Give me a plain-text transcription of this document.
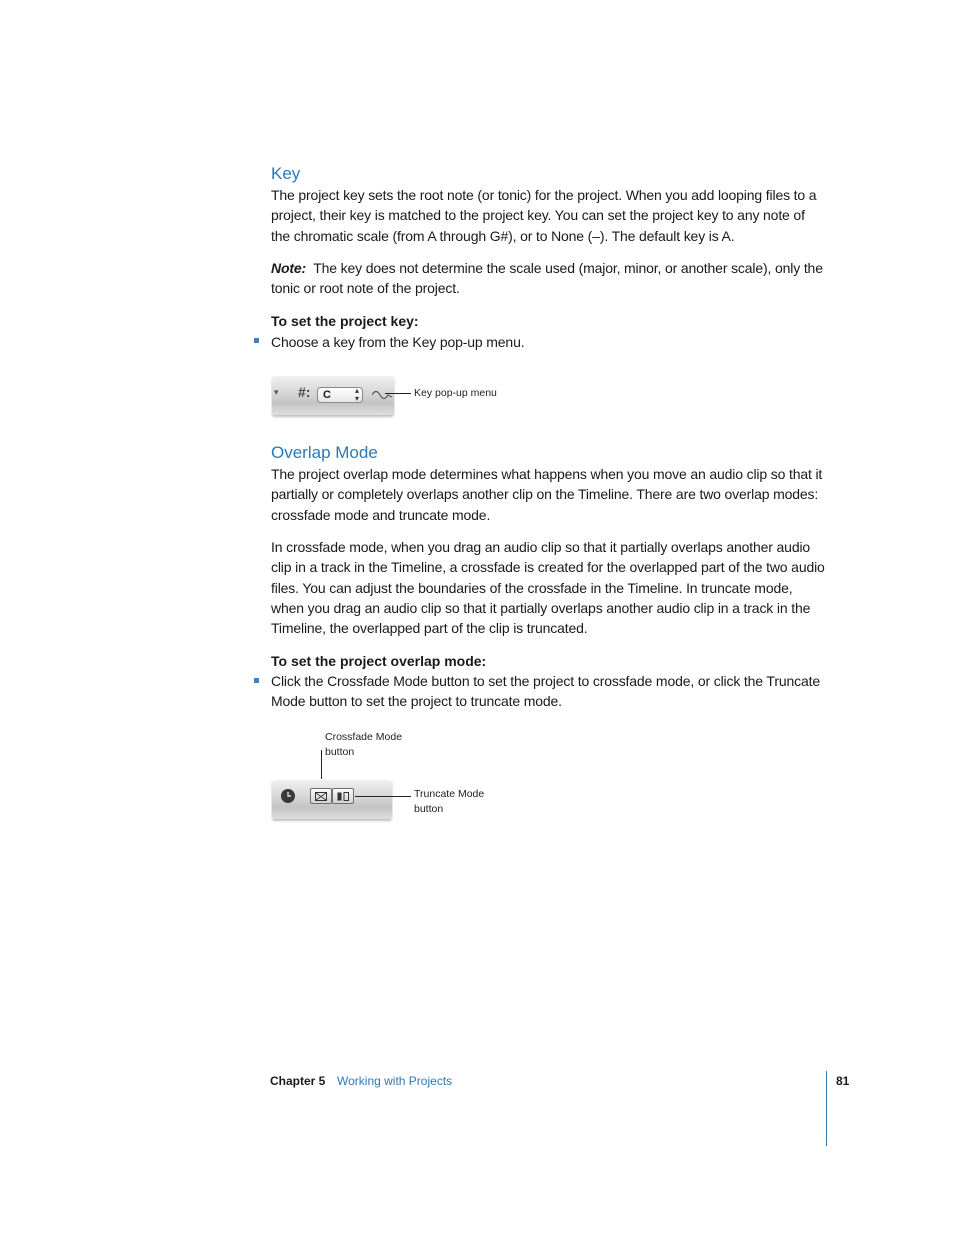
Key

The project key sets the root note (or tonic) for the project. When you add looping files to a project, their key is matched to the project key. You can set the project key to any note of the chromatic scale (from A through G#), or to None (–). The default key is A.

Note: The key does not determine the scale used (major, minor, or another scale), only the tonic or root note of the project.

To set the project key:

Choose a key from the Key pop-up menu.

▾ #:	C	▴
▾	Key pop-up menu
Overlap Mode

The project overlap mode determines what happens when you move an audio clip so that it partially or completely overlaps another clip on the Timeline. There are two overlap modes: crossfade mode and truncate mode.

In crossfade mode, when you drag an audio clip so that it partially overlaps another audio clip in a track in the Timeline, a crossfade is created for the overlapped part of the two audio files. You can adjust the boundaries of the crossfade in the Timeline. In truncate mode, when you drag an audio clip so that it partially overlaps another audio clip in a track in the Timeline, the overlapped part of the clip is truncated.

To set the project overlap mode:

Click the Crossfade Mode button to set the project to crossfade mode, or click the Truncate Mode button to set the project to truncate mode.

Crossfade Mode
button
Truncate Mode
button
Chapter 5 Working with Projects	81
